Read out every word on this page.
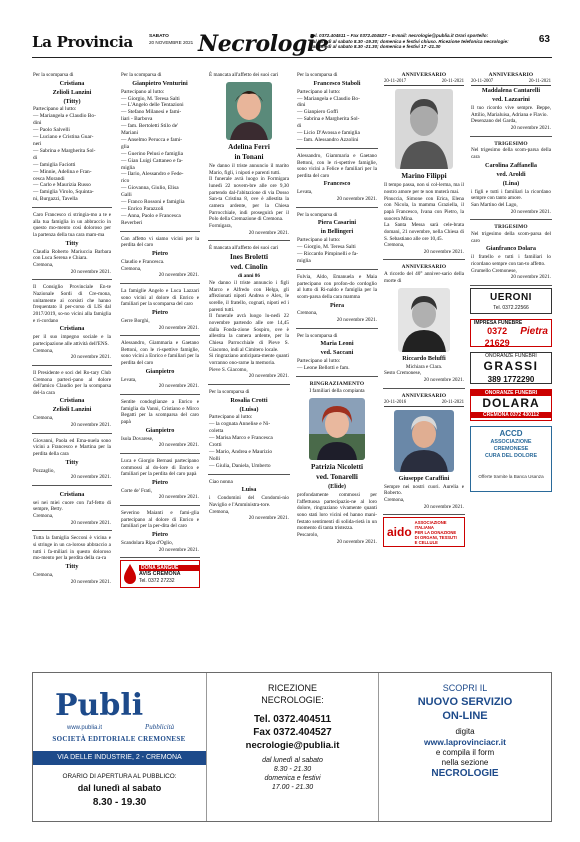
La Provincia	SABATO
20 NOVEMBRE 2021 Necrologie
Tel. 0372.404511 – Fax 0372.404527 – E-mail: necrologie@publia.it Orari sportello:
dal lunedì al sabato 8.30 -19.30; domenica e festivi chiuso. Ricezione telefonica necrologie:
dal lunedì al sabato 8.30 -21.30; domenica e festivi 17 -21.30
63
Per la scomparsa di
Cristiana
Zelioli Lanzini
(Titty)
Partecipano al lutto:
— Mariangela e Claudio Bo-
dini
— Paolo Salvelli
— Luciano e Cristina Guar-
neri
— Sabrina e Margherita Sol-
di
— famiglia Faciotti
— Minnie, Adelina e Fran-
cesca Morandi
— Carlo e Maurizia Russo
— famiglia Virolo, Squinta-
ni, Burgazzi, Tavella
Caro Francesco ci stringia-mo a te e alla tua famiglia in un abbraccio in questo mo-mento così doloroso per la partenza della tua cara mam-ma
Titty
Claudia Roberto Mariuccia Barbara con Luca Serena e Chiara.
Cremona,
20 novembre 2021.
Il Consiglio Provinciale En-te Nazionale Sordi di Cre-mona, unitamente ai corsisti che hanno frequentato il per-corso di LIS dal 2017/2019, so-no vicini alla famiglia e ri-cordano
Cristiana
per il suo impegno sociale e la partecipazione alle attività dell'ENS.
Cremona,
20 novembre 2021.
Il Presidente e soci del Ro-tary Club Cremona parteci-pano al dolore dell'amico Claudio per la scomparsa del-la cara
Cristiana
Zelioli Lanzini
Cremona,
20 novembre 2021.
Giovanni, Paola ed Ema-nuela sono vicini a Francesco e Martina per la perdita della cara
Titty
Pozzaglio,
20 novembre 2021.
Cristiana
sei nei miei cuore con l'af-fetto di sempre, Betty.
Cremona,
20 novembre 2021.
Tutta la famiglia Secconi è vicina e si stringe in un ca-loroso abbraccio a tutti i fa-miliari in questo doloroso mo-mento per la perdita della ca-ra
Titty
Cremona,
20 novembre 2021.
Per la scomparsa di
Gianpietro Venturini
Partecipano al lutto:
— Giorgio, M. Teresa Salti
— L'Angelo delle Tentazioni
— Stefano Milanesi e fami-
liari - Barbova
— fam. Bertoletti Stilo de'
Mariani
— Anselmo Perucca e fami-
glia
— Guerino Pelusi e famiglia
— Gian Luigi Cattaneo e fa-
miglia
— Ilario, Alessandro e Fede-
rico
— Giovanna, Giulio, Elisa
Galli
— Franco Rossoni e famiglia
— Enrico Parazzoli
— Anna, Paolo e Francesca
Reverberi
Con affetto vi siamo vicini per la perdita del caro
Pietro
Claudio e Francesca.
Cremona,
20 novembre 2021.
La famiglie Angelo e Luca Lazzari sono vicini al dolore di Enrico e familiari per la scomparsa del caro
Pietro
Gerre Borghi,
20 novembre 2021.
Alessandro, Giammaria e Gaetano Bettoni, con le ri-spettive famiglie, sono vicini a Enrico e familiari per la perdita del caro
Gianpietro
Levata,
20 novembre 2021.
Sentite condoglianze a Enrico e famiglia da Vanni, Cristiano e Mirco Begatti per la scomparsa del caro papà
Gianpietro
Isola Dovarese,
20 novembre 2021.
Luca e Giorgio Bernasi partecipano commossi al do-lore di Enrico e familiari per la perdita del caro papà
Pietro
Corte de' Frati,
20 novembre 2021.
Severino Maianti e fami-glia partecipano al dolore di Enrico e familiari per la per-dita del caro
Pietro
Scandolara Ripa d'Oglio,
20 novembre 2021.
DONA SANGUE
AVIS CREMONA
Tel. 0372 27232
È mancata all'affetto dei suoi cari
Adelina Ferri
in Tonani
Ne danno il triste annuncio il marito Mario, figli, i nipoti e parenti tutti.
Il funerale avrà luogo in Formigara lunedì 22 novem-bre alle ore 9,30 partendo dal-l'abitazione di via Dosso San-ta Cristina 8, ove è allestita la camera ardente, per la Chiesa Parrocchiale, indi proseguirà per il Polo della Cremazione di Cremona.
Formigara,
20 novembre 2021.
È mancata all'affetto dei suoi cari
Ines Broletti
ved. Cinolin
di anni 86
Ne danno il triste annuncio i figli Marco e Alfredo con Helga, gli affezionati nipoti Andrea e Alex, le sorelle, il fratello, cognati, nipoti ed i parenti tutti.
Il funerale avrà luogo lu-nedì 22 novembre partendo alle ore 14,45 dalla Fonda-zione Sospiro, ove è allestita la camera ardente, per la Chiesa Parrocchiale di Pieve S. Giacomo, indi al Cimitero locale.
Si ringraziano anticipata-mente quanti vorranno ono-rarne la memoria.
Pieve S. Giacomo,
20 novembre 2021.
Per la scomparsa di
Rosalia Crotti
(Luisa)
Partecipano al lutto:
— la cognata Annelise e Ni-
coletta
— Marisa Marco e Francesca
Crotti
— Mario, Andrea e Maurizio
Nolli
— Giulia, Daniela, Umberto
Ciao nonna
Luisa
i Condomini del Condomi-nio Naviglio e l'Amministra-tore.
Cremona,
20 novembre 2021.
Per la scomparsa di
Francesco Staboli
Partecipano al lutto:
— Mariangela e Claudio Bo-
dini
— Gianpiero Goffi
— Sabrina e Margherita Sol-
di
— Licio D'Avossa e famiglia
— fam. Alessandro Azzolini
Alessandro, Giammaria e Gaetano Bettoni, con le ri-spettive famiglie, sono vicini a Felice e familiari per la perdita del caro
Francesco
Levata,
20 novembre 2021.
Per la scomparsa di
Piera Casarini
in Bellingeri
Partecipano al lutto:
— Giorgio, M. Teresa Salti
— Riccardo Pimpinelli e fa-
miglia
Fulvia, Aldo, Emanuela e Maia partecipano con profon-do cordoglio al lutto di Ri-naldo e famiglia per la scom-parsa della cara mamma
Piera
Cremona,
20 novembre 2021.
Per la scomparsa di
Maria Leoni
ved. Saccani
Partecipano al lutto:
— Leone Bellotti e fam.
RINGRAZIAMENTO
I familiari della compianta
Patrizia Nicoletti
ved. Tonarelli
(Elide)
profondamente commossi per l'affettuosa partecipazio-ne al loro dolore, ringraziano vivamente quanti sono stati loro vicini ed hanno mani-festato sentimenti di solida-rietà in un momento di tanta tristezza.
Pescarolo,
20 novembre 2021.
ANNIVERSARIO
20-11-2017	20-11-2021
Marino Filippi
Il tempo passa, non si col-lerma, ma il nostro amore per te non muterà mai.
Pinuccia, Simone con Erica, Elena con Nicola, la mamma Graziella, il papà Francesco, Ivana con Pietro, la suocera Mina.
La Santa Messa sarà cele-brata domani, 21 novembre, nella Chiesa di S. Sebastiano alle ore 10,45.
Cremona,
20 novembre 2021.
ANNIVERSARIO
A ricordo del 40° anniver-sario della morte di
Riccardo Beluffi
Michiara e Clara.
Sesto Cremonese,
20 novembre 2021.
ANNIVERSARIO
20-11-2016	20-11-2021
Giuseppe Caraffini
Sempre nei nostri cuori. Aurelia e Roberto.
Cremona,
20 novembre 2021.
aido
ASSOCIAZIONE ITALIANA
PER LA DONAZIONE
DI ORGANI, TESSUTI
E CELLULE
ANNIVERSARIO
20-11-2007	20-11-2021
Maddalena Cantarelli
ved. Lazzarini
Il tuo ricordo vive sempre. Beppe, Attilio, Marialuisa, Adriana e Flavio.
Desenzano del Garda,
20 novembre 2021.
TRIGESIMO
Nel trigesimo della scom-parsa della cara
Carolina Zaffanella
ved. Aroldi
(Lina)
i figli e tutti i familiari la ricordano sempre con tanto amore.
San Martino del Lago,
20 novembre 2021.
TRIGESIMO
Nel trigesimo della scom-parsa del caro
Gianfranco Dolara
il fratello e tutti i familiari lo ricordano sempre con tan-to affetto.
Grumello Cremonese,
20 novembre 2021.
UERONI
Tel. 0372.22566
IMPRESA FUNEBRE
0372 21629
Pietra
ONORANZE FUNEBRI
GRASSI
389 1772290
ONORANZE FUNEBRI
DOLARA
CREMONA 0372 430112
ACCD
ASSOCIAZIONE
CREMONESE
CURA DEL DOLORE
Offerte tramite la Banca Usanza
Publi
www.publia.it	Pubblicità
SOCIETÀ EDITORIALE CREMONESE
VIA DELLE INDUSTRIE, 2 - CREMONA
ORARIO DI APERTURA AL PUBBLICO:
dal lunedì al sabato
8.30 - 19.30
RICEZIONE
NECROLOGIE:
Tel. 0372.404511
Fax 0372.404527
necrologie@publia.it
dal lunedì al sabato
8.30 - 21.30
domenica e festivi
17.00 - 21.30
SCOPRI IL
NUOVO SERVIZIO
ON-LINE
digita
www.laprovinciacr.it
e compila il form
nella sezione
NECROLOGIE
